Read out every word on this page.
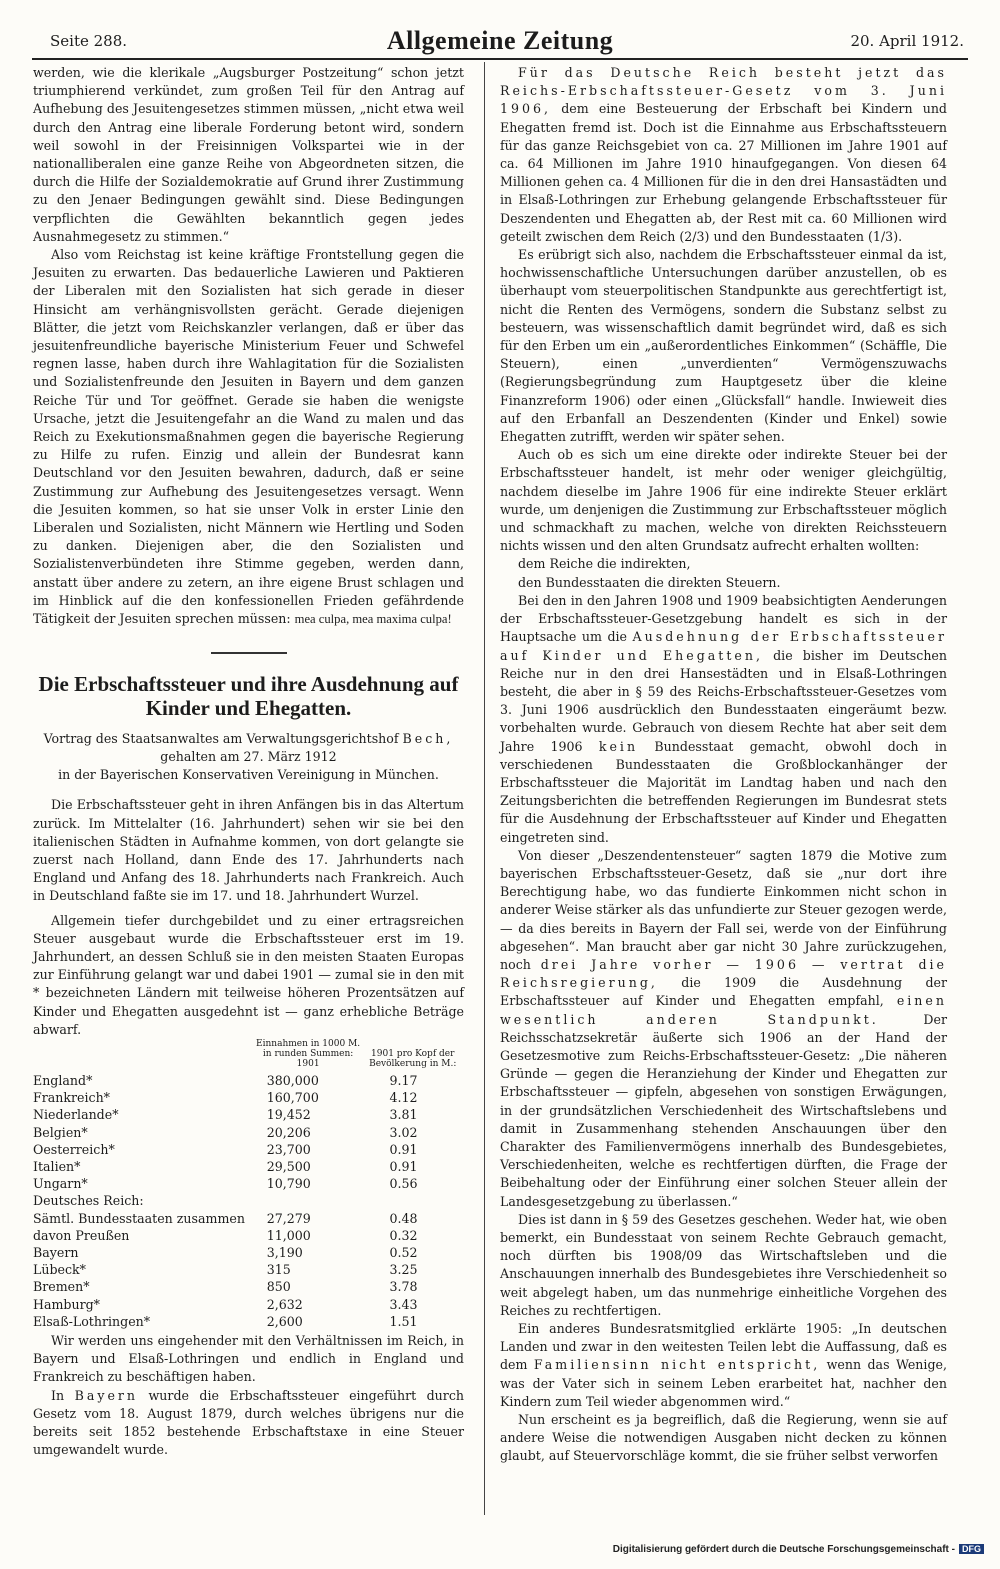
Seite 288.	Allgemeine Zeitung	20. April 1912.

werden, wie die klerikale „Augsburger Postzeitung“ schon jetzt triumphierend verkündet, zum großen Teil für den Antrag auf Aufhebung des Jesuitengesetzes stimmen müssen, „nicht etwa weil durch den Antrag eine liberale Forderung betont wird, sondern weil sowohl in der Freisinnigen Volkspartei wie in der nationalliberalen eine ganze Reihe von Abgeordneten sitzen, die durch die Hilfe der Sozialdemokratie auf Grund ihrer Zustimmung zu den Jenaer Bedingungen gewählt sind. Diese Bedingungen verpflichten die Gewählten bekanntlich gegen jedes Ausnahmegesetz zu stimmen.“

Also vom Reichstag ist keine kräftige Frontstellung gegen die Jesuiten zu erwarten. Das bedauerliche Lawieren und Paktieren der Liberalen mit den Sozialisten hat sich gerade in dieser Hinsicht am verhängnisvollsten gerächt. Gerade diejenigen Blätter, die jetzt vom Reichskanzler verlangen, daß er über das jesuitenfreundliche bayerische Ministerium Feuer und Schwefel regnen lasse, haben durch ihre Wahlagitation für die Sozialisten und Sozialistenfreunde den Jesuiten in Bayern und dem ganzen Reiche Tür und Tor geöffnet. Gerade sie haben die wenigste Ursache, jetzt die Jesuitengefahr an die Wand zu malen und das Reich zu Exekutionsmaßnahmen gegen die bayerische Regierung zu Hilfe zu rufen. Einzig und allein der Bundesrat kann Deutschland vor den Jesuiten bewahren, dadurch, daß er seine Zustimmung zur Aufhebung des Jesuitengesetzes versagt. Wenn die Jesuiten kommen, so hat sie unser Volk in erster Linie den Liberalen und Sozialisten, nicht Männern wie Hertling und Soden zu danken. Diejenigen aber, die den Sozialisten und Sozialistenverbündeten ihre Stimme gegeben, werden dann, anstatt über andere zu zetern, an ihre eigene Brust schlagen und im Hinblick auf die den konfessionellen Frieden gefährdende Tätigkeit der Jesuiten sprechen müssen: mea culpa, mea maxima culpa!

Die Erbschaftssteuer und ihre Ausdehnung auf Kinder und Ehegatten.
Vortrag des Staatsanwaltes am Verwaltungsgerichtshof Bech,
gehalten am 27. März 1912
in der Bayerischen Konservativen Vereinigung in München.

Die Erbschaftssteuer geht in ihren Anfängen bis in das Altertum zurück. Im Mittelalter (16. Jahrhundert) sehen wir sie bei den italienischen Städten in Aufnahme kommen, von dort gelangte sie zuerst nach Holland, dann Ende des 17. Jahrhunderts nach England und Anfang des 18. Jahrhunderts nach Frankreich. Auch in Deutschland faßte sie im 17. und 18. Jahrhundert Wurzel.

Allgemein tiefer durchgebildet und zu einer ertragsreichen Steuer ausgebaut wurde die Erbschaftssteuer erst im 19. Jahrhundert, an dessen Schluß sie in den meisten Staaten Europas zur Einführung gelangt war und dabei 1901 — zumal sie in den mit * bezeichneten Ländern mit teilweise höheren Prozentsätzen auf Kinder und Ehegatten ausgedehnt ist — ganz erhebliche Beträge abwarf.

	Einnahmen in 1000 M. in runden Summen: 1901	1901 pro Kopf der Bevölkerung in M.:
England*	380,000	9.17
Frankreich*	160,700	4.12
Niederlande*	19,452	3.81
Belgien*	20,206	3.02
Oesterreich*	23,700	0.91
Italien*	29,500	0.91
Ungarn*	10,790	0.56
Deutsches Reich:		
Sämtl. Bundesstaaten zusammen	27,279	0.48
davon Preußen	11,000	0.32
Bayern	3,190	0.52
Lübeck*	315	3.25
Bremen*	850	3.78
Hamburg*	2,632	3.43
Elsaß-Lothringen*	2,600	1.51

Wir werden uns eingehender mit den Verhältnissen im Reich, in Bayern und Elsaß-Lothringen und endlich in England und Frankreich zu beschäftigen haben.

In Bayern wurde die Erbschaftssteuer eingeführt durch Gesetz vom 18. August 1879, durch welches übrigens nur die bereits seit 1852 bestehende Erbschaftstaxe in eine Steuer umgewandelt wurde.

Für das Deutsche Reich besteht jetzt das Reichs-Erbschaftssteuer-Gesetz vom 3. Juni 1906, dem eine Besteuerung der Erbschaft bei Kindern und Ehegatten fremd ist. Doch ist die Einnahme aus Erbschaftssteuern für das ganze Reichsgebiet von ca. 27 Millionen im Jahre 1901 auf ca. 64 Millionen im Jahre 1910 hinaufgegangen. Von diesen 64 Millionen gehen ca. 4 Millionen für die in den drei Hansastädten und in Elsaß-Lothringen zur Erhebung gelangende Erbschaftssteuer für Deszendenten und Ehegatten ab, der Rest mit ca. 60 Millionen wird geteilt zwischen dem Reich (2/3) und den Bundesstaaten (1/3).

Es erübrigt sich also, nachdem die Erbschaftssteuer einmal da ist, hochwissenschaftliche Untersuchungen darüber anzustellen, ob es überhaupt vom steuerpolitischen Standpunkte aus gerechtfertigt ist, nicht die Renten des Vermögens, sondern die Substanz selbst zu besteuern, was wissenschaftlich damit begründet wird, daß es sich für den Erben um ein „außerordentliches Einkommen“ (Schäffle, Die Steuern), einen „unverdienten“ Vermögenszuwachs (Regierungsbegründung zum Hauptgesetz über die kleine Finanzreform 1906) oder einen „Glücksfall“ handle. Inwieweit dies auf den Erbanfall an Deszendenten (Kinder und Enkel) sowie Ehegatten zutrifft, werden wir später sehen.

Auch ob es sich um eine direkte oder indirekte Steuer bei der Erbschaftssteuer handelt, ist mehr oder weniger gleichgültig, nachdem dieselbe im Jahre 1906 für eine indirekte Steuer erklärt wurde, um denjenigen die Zustimmung zur Erbschaftssteuer möglich und schmackhaft zu machen, welche von direkten Reichssteuern nichts wissen und den alten Grundsatz aufrecht erhalten wollten:

dem Reiche die indirekten,

den Bundesstaaten die direkten Steuern.

Bei den in den Jahren 1908 und 1909 beabsichtigten Aenderungen der Erbschaftssteuer-Gesetzgebung handelt es sich in der Hauptsache um die Ausdehnung der Erbschaftssteuer auf Kinder und Ehegatten, die bisher im Deutschen Reiche nur in den drei Hansestädten und in Elsaß-Lothringen besteht, die aber in § 59 des Reichs-Erbschaftssteuer-Gesetzes vom 3. Juni 1906 ausdrücklich den Bundesstaaten eingeräumt bezw. vorbehalten wurde. Gebrauch von diesem Rechte hat aber seit dem Jahre 1906 kein Bundesstaat gemacht, obwohl doch in verschiedenen Bundesstaaten die Großblockanhänger der Erbschaftssteuer die Majorität im Landtag haben und nach den Zeitungsberichten die betreffenden Regierungen im Bundesrat stets für die Ausdehnung der Erbschaftssteuer auf Kinder und Ehegatten eingetreten sind.

Von dieser „Deszendentensteuer“ sagten 1879 die Motive zum bayerischen Erbschaftssteuer-Gesetz, daß sie „nur dort ihre Berechtigung habe, wo das fundierte Einkommen nicht schon in anderer Weise stärker als das unfundierte zur Steuer gezogen werde, — da dies bereits in Bayern der Fall sei, werde von der Einführung abgesehen“. Man braucht aber gar nicht 30 Jahre zurückzugehen, noch drei Jahre vorher — 1906 — vertrat die Reichsregierung, die 1909 die Ausdehnung der Erbschaftssteuer auf Kinder und Ehegatten empfahl, einen wesentlich anderen Standpunkt.	Der Reichsschatzsekretär äußerte sich 1906 an der Hand der Gesetzesmotive zum Reichs-Erbschaftssteuer-Gesetz: „Die näheren Gründe — gegen die Heranziehung der Kinder und Ehegatten zur Erbschaftssteuer — gipfeln, abgesehen von sonstigen Erwägungen, in der grundsätzlichen Verschiedenheit des Wirtschaftslebens und damit in Zusammenhang stehenden Anschauungen über den Charakter des Familienvermögens innerhalb des Bundesgebietes, Verschiedenheiten, welche es rechtfertigen dürften, die Frage der Beibehaltung oder der Einführung einer solchen Steuer allein der Landesgesetzgebung zu überlassen.“

Dies ist dann in § 59 des Gesetzes geschehen. Weder hat, wie oben bemerkt, ein Bundesstaat von seinem Rechte Gebrauch gemacht, noch dürften bis 1908/09 das Wirtschaftsleben und die Anschauungen innerhalb des Bundesgebietes ihre Verschiedenheit so weit abgelegt haben, um das nunmehrige einheitliche Vorgehen des Reiches zu rechtfertigen.

Ein anderes Bundesratsmitglied erklärte 1905: „In deutschen Landen und zwar in den weitesten Teilen lebt die Auffassung, daß es dem Familiensinn nicht entspricht, wenn das Wenige, was der Vater sich in seinem Leben erarbeitet hat, nachher den Kindern zum Teil wieder abgenommen wird.“

Nun erscheint es ja begreiflich, daß die Regierung, wenn sie auf andere Weise die notwendigen Ausgaben nicht decken zu können glaubt, auf Steuervorschläge kommt, die sie früher selbst verworfen

Digitalisierung gefördert durch die Deutsche Forschungsgemeinschaft - DFG
